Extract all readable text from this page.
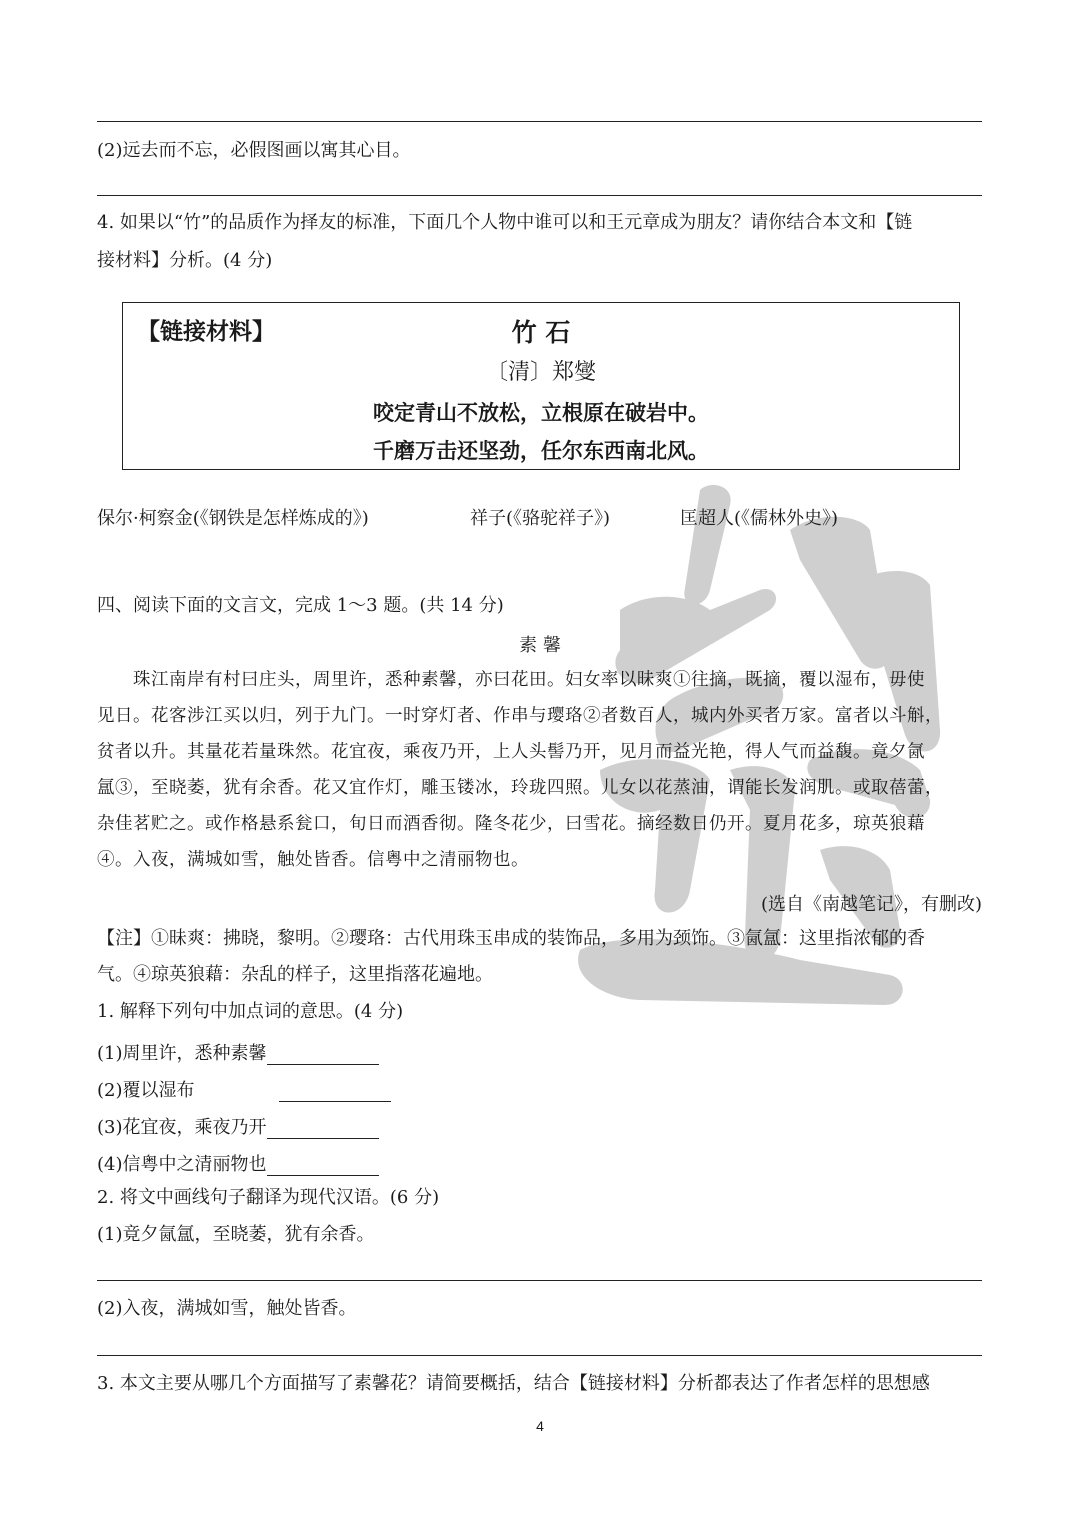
(2)远去而不忘，必假图画以寓其心目。
4. 如果以“竹”的品质作为择友的标准，下面几个人物中谁可以和王元章成为朋友？请你结合本文和【链
接材料】分析。(4 分)
【链接材料】	竹 石
〔清〕郑燮
咬定青山不放松，立根原在破岩中。
千磨万击还坚劲，任尔东西南北风。
保尔·柯察金(《钢铁是怎样炼成的》)	祥子(《骆驼祥子》)	匡超人(《儒林外史》)
四、阅读下面的文言文，完成 1～3 题。(共 14 分)
素 馨
珠江南岸有村曰庄头，周里许，悉种素馨，亦曰花田。妇女率以昧爽①往摘，既摘，覆以湿布，毋使
见日。花客涉江买以归，列于九门。一时穿灯者、作串与璎珞②者数百人，城内外买者万家。富者以斗斛，
贫者以升。其量花若量珠然。花宜夜，乘夜乃开，上人头髻乃开，见月而益光艳，得人气而益馥。竟夕氤
氲③，至晓萎，犹有余香。花又宜作灯，雕玉镂冰，玲珑四照。儿女以花蒸油，谓能长发润肌。或取蓓蕾，
杂佳茗贮之。或作格悬系瓮口，旬日而酒香彻。隆冬花少，曰雪花。摘经数日仍开。夏月花多，琼英狼藉
④。入夜，满城如雪，触处皆香。信粤中之清丽物也。
(选自《南越笔记》，有删改)
【注】①昧爽：拂晓，黎明。②璎珞：古代用珠玉串成的装饰品，多用为颈饰。③氤氲：这里指浓郁的香
气。④琼英狼藉：杂乱的样子，这里指落花遍地。
1. 解释下列句中加点词的意思。(4 分)
(1)周里许，悉种素馨
(2)覆以湿布
(3)花宜夜，乘夜乃开
(4)信粤中之清丽物也
2. 将文中画线句子翻译为现代汉语。(6 分)
(1)竟夕氤氲，至晓萎，犹有余香。
(2)入夜，满城如雪，触处皆香。
3. 本文主要从哪几个方面描写了素馨花？请简要概括，结合【链接材料】分析都表达了作者怎样的思想感
4
